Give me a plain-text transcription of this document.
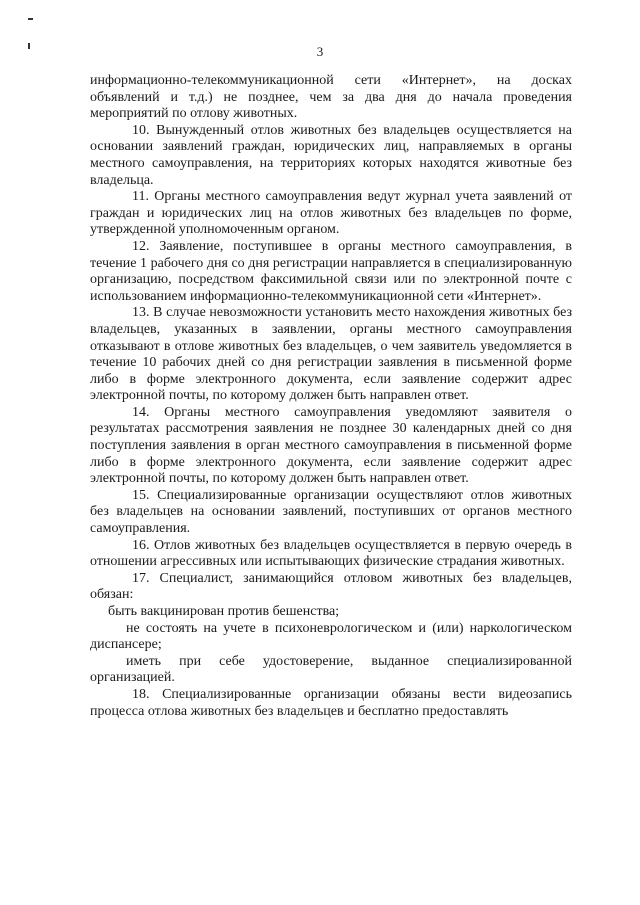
3

информационно-телекоммуникационной сети «Интернет», на досках объявлений и т.д.) не позднее, чем за два дня до начала проведения мероприятий по отлову животных.

10. Вынужденный отлов животных без владельцев осуществляется на основании заявлений граждан, юридических лиц, направляемых в органы местного самоуправления, на территориях которых находятся животные без владельца.

11. Органы местного самоуправления ведут журнал учета заявлений от граждан и юридических лиц на отлов животных без владельцев по форме, утвержденной уполномоченным органом.

12. Заявление, поступившее в органы местного самоуправления, в течение 1 рабочего дня со дня регистрации направляется в специализированную организацию, посредством факсимильной связи или по электронной почте с использованием информационно-телекоммуникационной сети «Интернет».

13. В случае невозможности установить место нахождения животных без владельцев, указанных в заявлении, органы местного самоуправления отказывают в отлове животных без владельцев, о чем заявитель уведомляется в течение 10 рабочих дней со дня регистрации заявления в письменной форме либо в форме электронного документа, если заявление содержит адрес электронной почты, по которому должен быть направлен ответ.

14. Органы местного самоуправления уведомляют заявителя о результатах рассмотрения заявления не позднее 30 календарных дней со дня поступления заявления в орган местного самоуправления в письменной форме либо в форме электронного документа, если заявление содержит адрес электронной почты, по которому должен быть направлен ответ.

15. Специализированные организации осуществляют отлов животных без владельцев на основании заявлений, поступивших от органов местного самоуправления.

16. Отлов животных без владельцев осуществляется в первую очередь в отношении агрессивных или испытывающих физические страдания животных.

17. Специалист, занимающийся отловом животных без владельцев, обязан:

быть вакцинирован против бешенства;

не состоять на учете в психоневрологическом и (или) наркологическом диспансере;

иметь при себе удостоверение, выданное специализированной организацией.

18. Специализированные организации обязаны вести видеозапись процесса отлова животных без владельцев и бесплатно предоставлять
